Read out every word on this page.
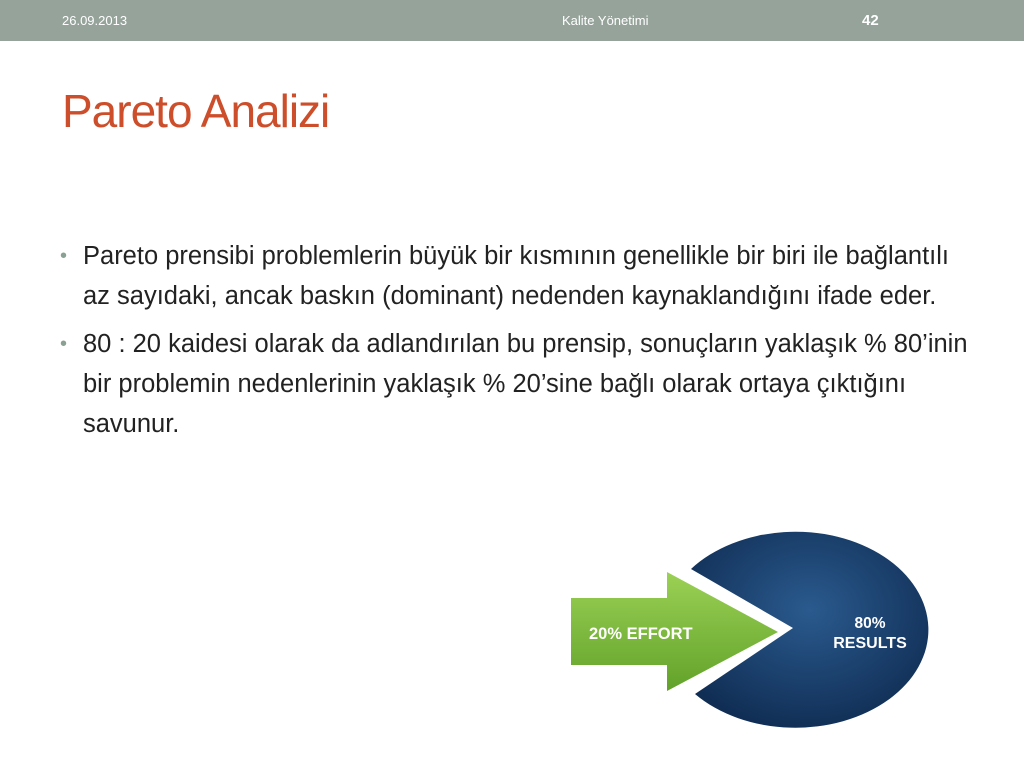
26.09.2013	Kalite Yönetimi	42
Pareto Analizi
• Pareto prensibi problemlerin büyük bir kısmının genellikle bir biri ile bağlantılı az sayıdaki, ancak baskın (dominant) nedenden kaynaklandığını ifade eder.
• 80 : 20 kaidesi olarak da adlandırılan bu prensip, sonuçların yaklaşık % 80’inin bir problemin nedenlerinin yaklaşık % 20’sine bağlı olarak ortaya çıktığını savunur.
20% EFFORT
80%
RESULTS
